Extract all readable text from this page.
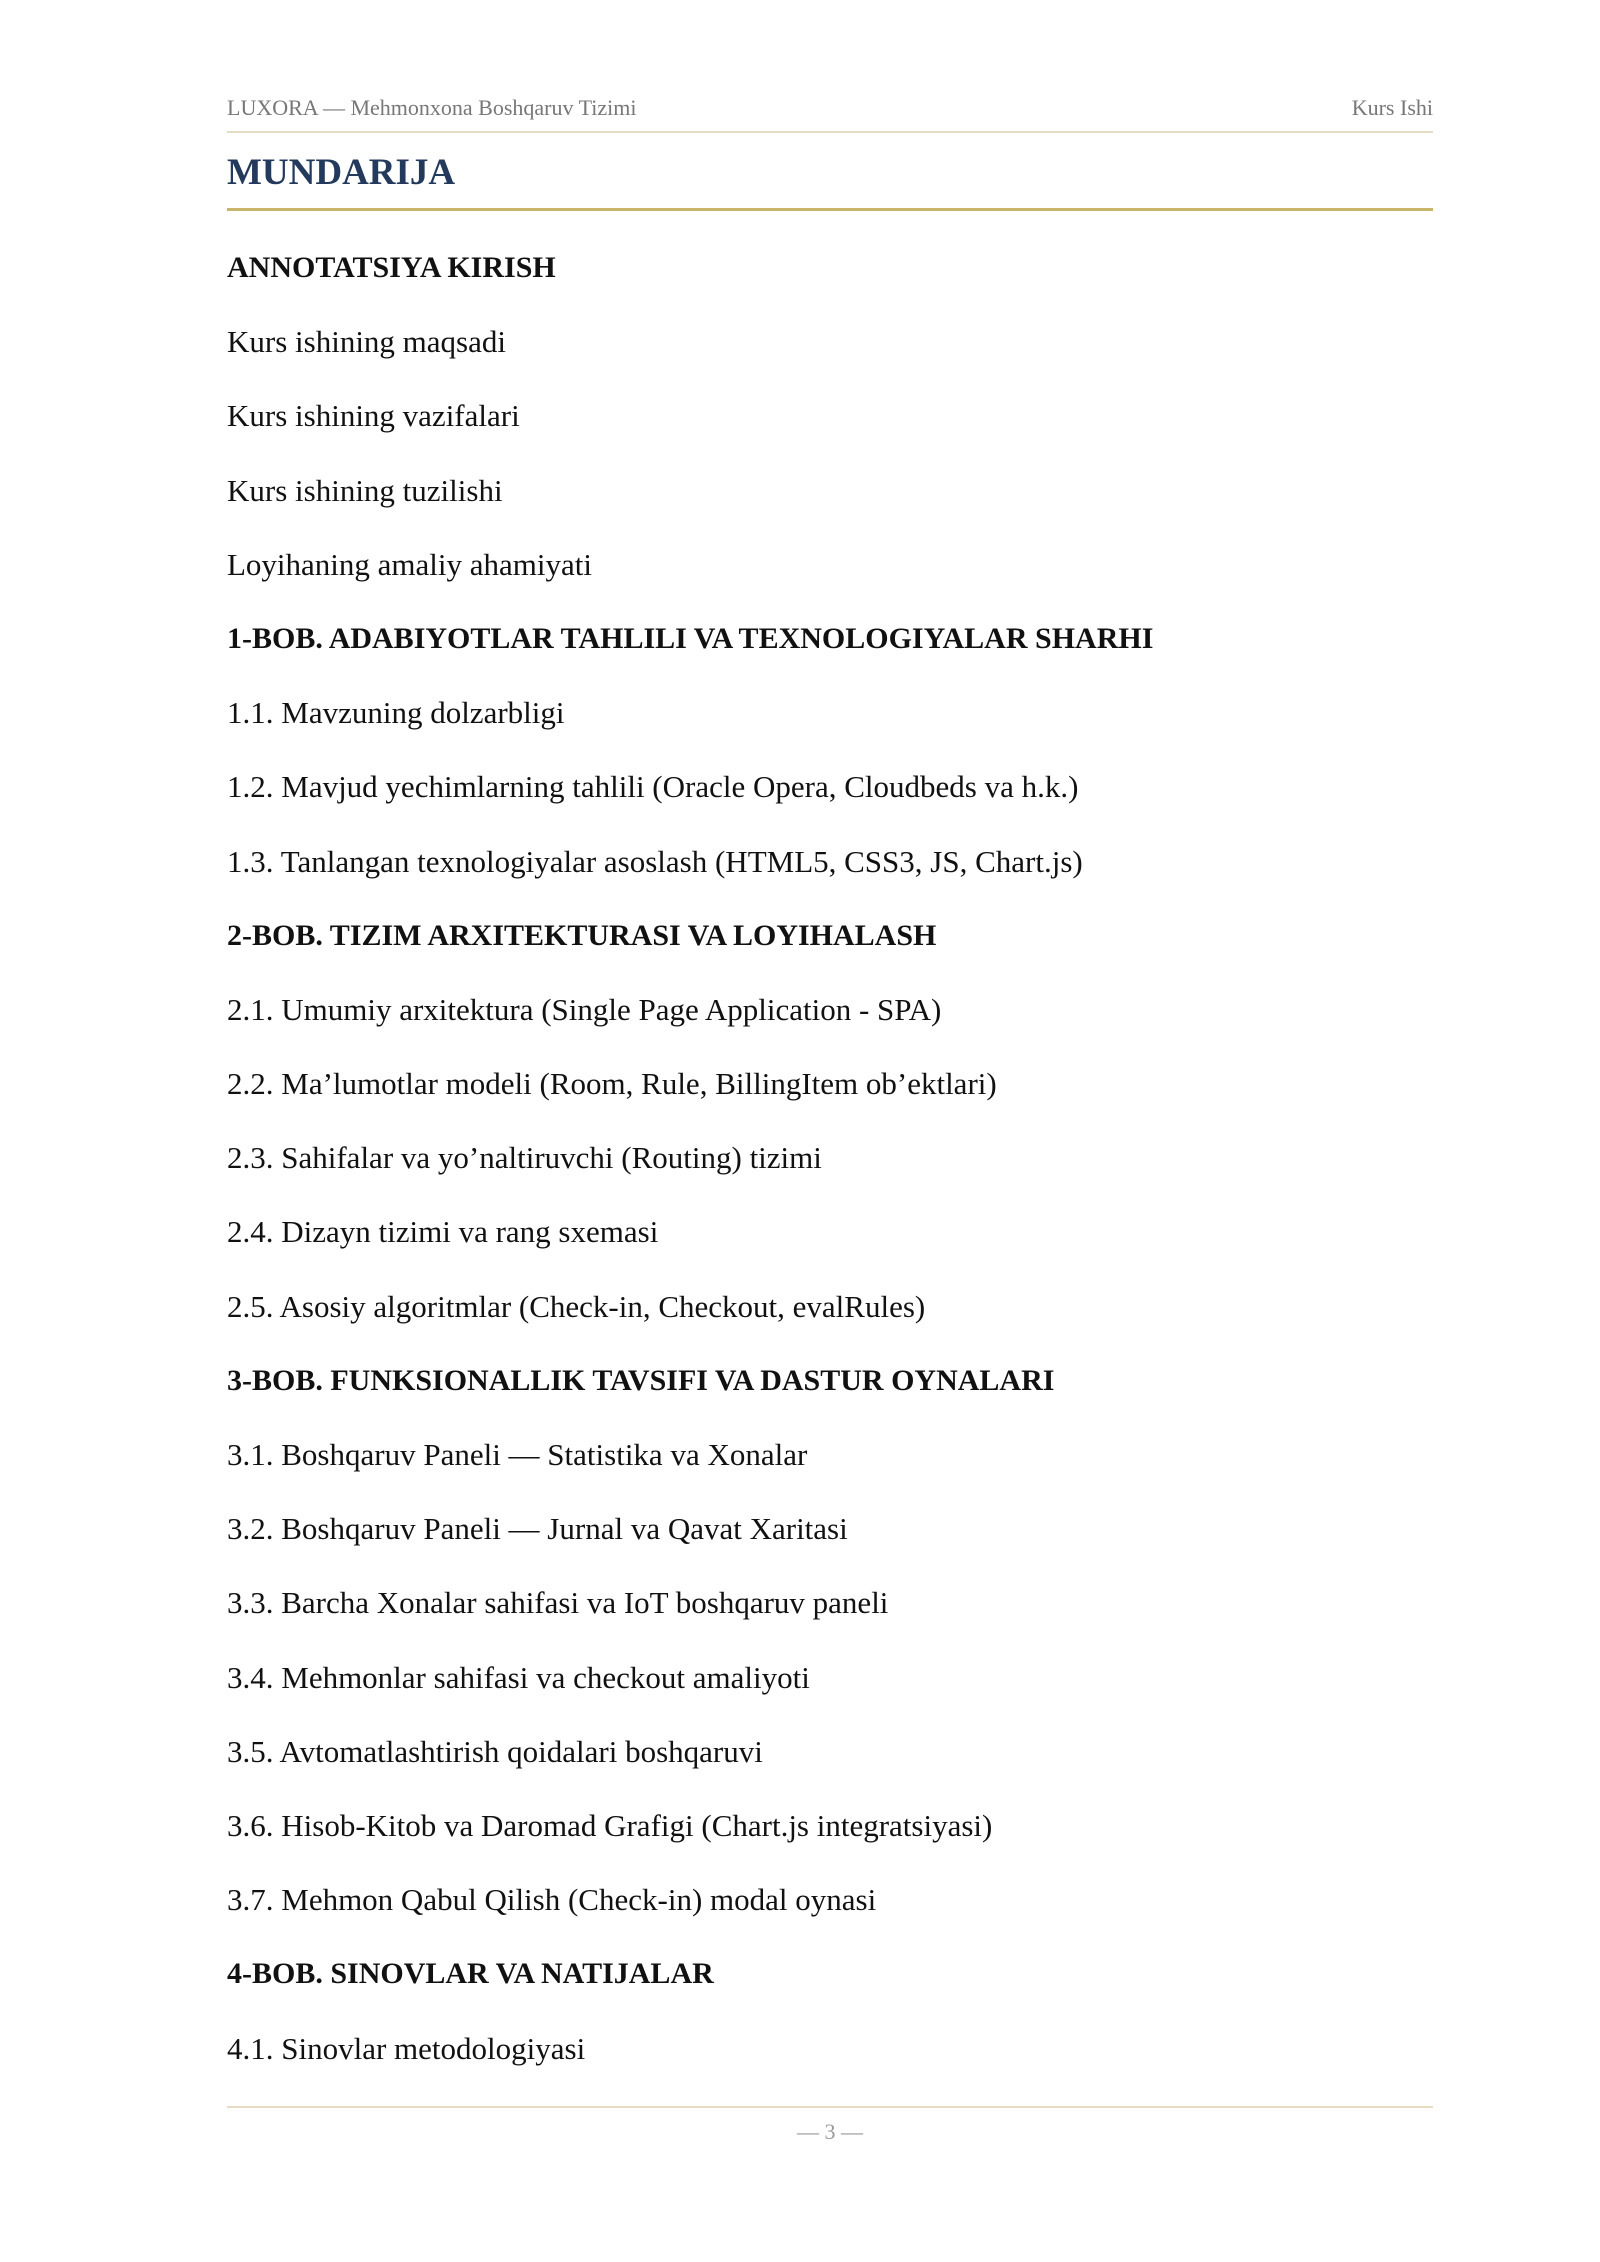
LUXORA — Mehmonxona Boshqaruv Tizimi	Kurs Ishi
MUNDARIJA
ANNOTATSIYA KIRISH
Kurs ishining maqsadi
Kurs ishining vazifalari
Kurs ishining tuzilishi
Loyihaning amaliy ahamiyati
1-BOB. ADABIYOTLAR TAHLILI VA TEXNOLOGIYALAR SHARHI
1.1. Mavzuning dolzarbligi
1.2. Mavjud yechimlarning tahlili (Oracle Opera, Cloudbeds va h.k.)
1.3. Tanlangan texnologiyalar asoslash (HTML5, CSS3, JS, Chart.js)
2-BOB. TIZIM ARXITEKTURASI VA LOYIHALASH
2.1. Umumiy arxitektura (Single Page Application - SPA)
2.2. Ma’lumotlar modeli (Room, Rule, BillingItem ob’ektlari)
2.3. Sahifalar va yo’naltiruvchi (Routing) tizimi
2.4. Dizayn tizimi va rang sxemasi
2.5. Asosiy algoritmlar (Check-in, Checkout, evalRules)
3-BOB. FUNKSIONALLIK TAVSIFI VA DASTUR OYNALARI
3.1. Boshqaruv Paneli — Statistika va Xonalar
3.2. Boshqaruv Paneli — Jurnal va Qavat Xaritasi
3.3. Barcha Xonalar sahifasi va IoT boshqaruv paneli
3.4. Mehmonlar sahifasi va checkout amaliyoti
3.5. Avtomatlashtirish qoidalari boshqaruvi
3.6. Hisob-Kitob va Daromad Grafigi (Chart.js integratsiyasi)
3.7. Mehmon Qabul Qilish (Check-in) modal oynasi
4-BOB. SINOVLAR VA NATIJALAR
4.1. Sinovlar metodologiyasi
— 3 —
